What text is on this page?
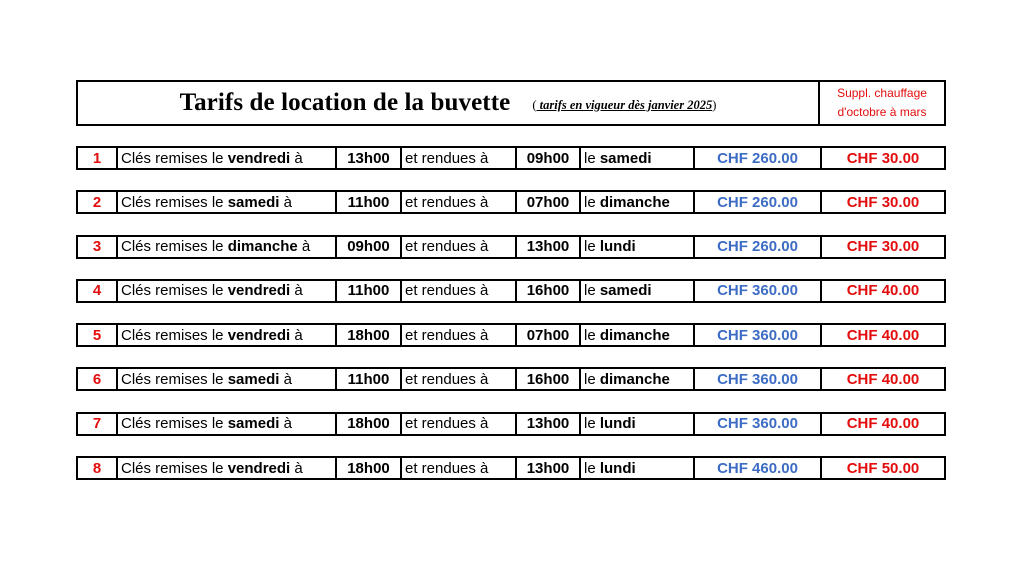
Tarifs de location de la buvette ( tarifs en vigueur dès janvier 2025)
Suppl. chauffage
d'octobre à mars
1	Clés remises le vendredi à	13h00	et rendues à	09h00 le samedi	CHF 260.00	CHF 30.00
2	Clés remises le samedi à	11h00	et rendues à	07h00 le dimanche	CHF 260.00	CHF 30.00
3	Clés remises le dimanche à	09h00	et rendues à	13h00 le lundi	CHF 260.00	CHF 30.00
4	Clés remises le vendredi à	11h00	et rendues à	16h00 le samedi	CHF 360.00	CHF 40.00
5	Clés remises le vendredi à	18h00	et rendues à	07h00 le dimanche	CHF 360.00	CHF 40.00
6	Clés remises le samedi à	11h00	et rendues à	16h00 le dimanche	CHF 360.00	CHF 40.00
7	Clés remises le samedi à	18h00	et rendues à	13h00 le lundi	CHF 360.00	CHF 40.00
8	Clés remises le vendredi à	18h00	et rendues à	13h00 le lundi	CHF 460.00	CHF 50.00
